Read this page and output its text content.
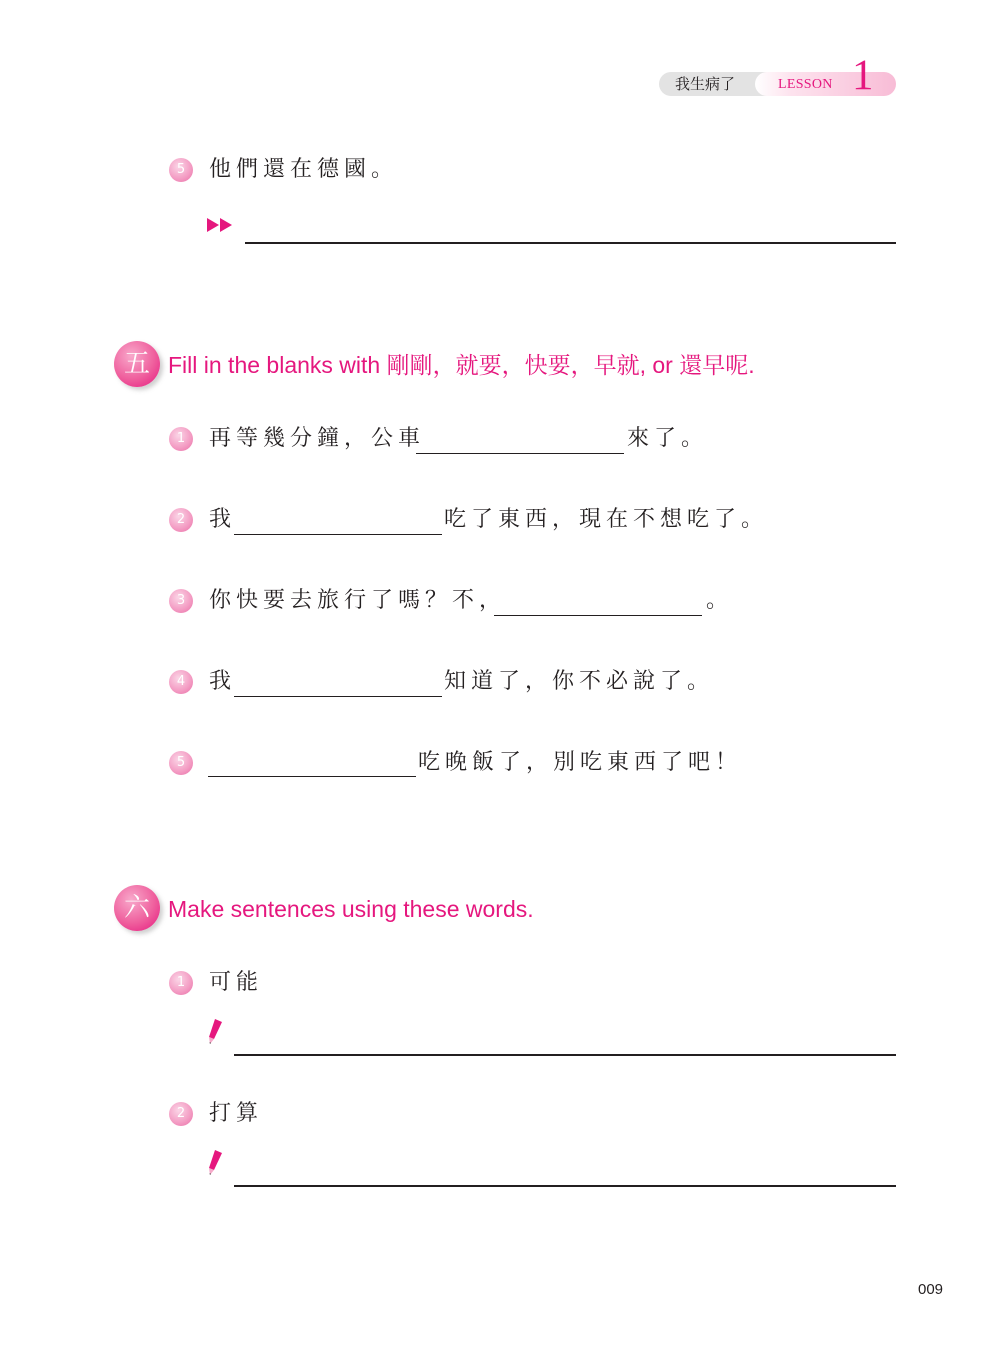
我生病了	LESSON 1
5	他們還在德國。
五 Fill in the blanks with 剛剛，就要，快要，早就, or 還早呢.
1	再等幾分鐘，公車	來了。
2	我	吃了東西，現在不想吃了。
3	你快要去旅行了嗎？不，	。
4	我	知道了，你不必說了。
5	吃晚飯了，別吃東西了吧！
六 Make sentences using these words.
1	可能
2	打算
009
